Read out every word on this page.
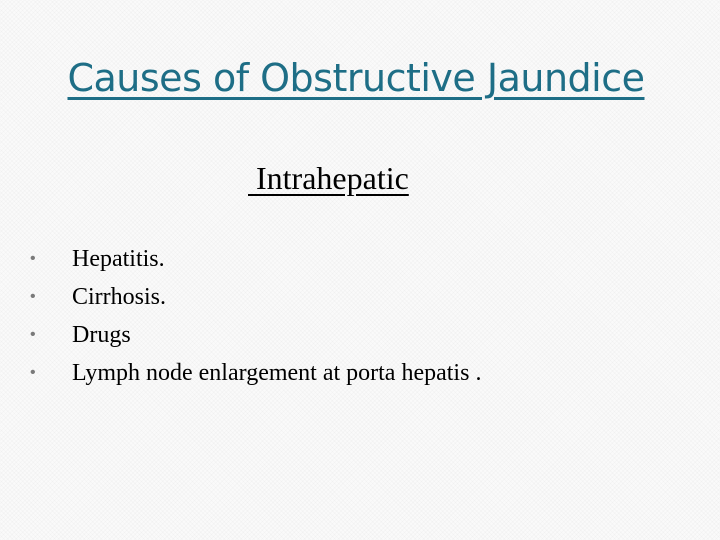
Causes of Obstructive Jaundice
Intrahepatic
• Hepatitis.
• Cirrhosis.
• Drugs
• Lymph node enlargement at porta hepatis .
